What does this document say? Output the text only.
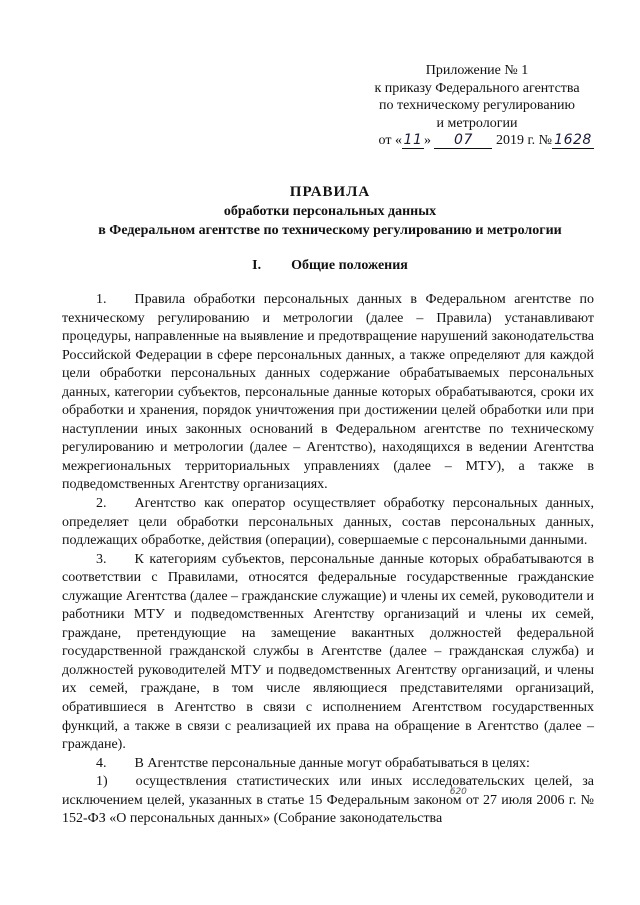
Приложение № 1
к приказу Федерального агентства
по техническому регулированию
и метрологии
от « 11 » 07 2019 г. № 1628
ПРАВИЛА
обработки персональных данных
в Федеральном агентстве по техническому регулированию и метрологии
I. Общие положения

1.  Правила обработки персональных данных в Федеральном агентстве по техническому регулированию и метрологии (далее – Правила) устанавливают процедуры, направленные на выявление и предотвращение нарушений законодательства Российской Федерации в сфере персональных данных, а также определяют для каждой цели обработки персональных данных содержание обрабатываемых персональных данных, категории субъектов, персональные данные которых обрабатываются, сроки их обработки и хранения, порядок уничтожения при достижении целей обработки или при наступлении иных законных оснований в Федеральном агентстве по техническому регулированию и метрологии (далее – Агентство), находящихся в ведении Агентства межрегиональных территориальных управлениях (далее – МТУ), а также в подведомственных Агентству организациях.

2.  Агентство как оператор осуществляет обработку персональных данных, определяет цели обработки персональных данных, состав персональных данных, подлежащих обработке, действия (операции), совершаемые с персональными данными.

3.  К категориям субъектов, персональные данные которых обрабатываются в соответствии с Правилами, относятся федеральные государственные гражданские служащие Агентства (далее – гражданские служащие) и члены их семей, руководители и работники МТУ и подведомственных Агентству организаций и члены их семей, граждане, претендующие на замещение вакантных должностей федеральной государственной гражданской службы в Агентстве (далее – гражданская служба) и должностей руководителей МТУ и подведомственных Агентству организаций, и члены их семей, граждане, в том числе являющиеся представителями организаций, обратившиеся в Агентство в связи с исполнением Агентством государственных функций, а также в связи с реализацией их права на обращение в Агентство (далее – граждане).

4.  В Агентстве персональные данные могут обрабатываться в целях:

1)  осуществления статистических или иных исследовательских целей, за исключением целей, указанных в статье 15 Федеральным
620
законом от 27 июля 2006 г. № 152-ФЗ «О персональных данных» (Собрание законодательства
